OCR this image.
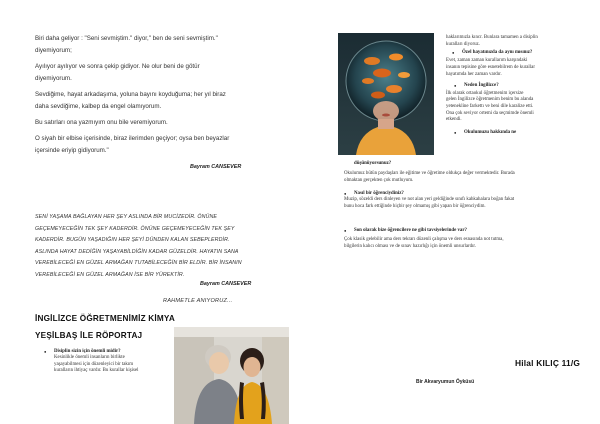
Biri daha geliyor : "Seni sevmiştim." diyor," ben de seni sevmiştim."
diyemiyorum;
Ayılıyor ayılıyor ve sonra çekip gidiyor. Ne olur beni de götür
diyemiyorum.
Sevdiğime, hayat arkadaşıma, yoluna bayını koyduğuma; her yıl biraz
daha sevdiğime, kalbep da engel olamıyorum.
Bu satırları ona yazmıyım onu bile veremiyorum.
O siyah bir elbise içerisinde, biraz ilerimden geçiyor; oysa ben beyazlar
içersinde eriyip gidiyorum."
Bayram CANSEVER
SENİ YAŞAMA BAĞLAYAN HER ŞEY ASLINDA BİR MUCİZEDİR. ÖNÜNE
GEÇEMEYECEĞİN TEK ŞEY KADERDİR. ÖNÜNE GEÇEMEYECEĞİN TEK ŞEY
KADERDİR. BUGÜN YAŞADIĞIN HER ŞEYİ DÜNDEN KALAN SEBEPLERDİR.
ASLINDA HAYAT DEDİĞİN YAŞAYABİLDİĞİN KADAR GÜZELDİR. HAYATIN SANA
VEREBİLECEĞİ EN GÜZEL ARMAĞAN TUTABİLECEĞİN BİR ELDİR. BİR İNSANIN
VEREBİLECEĞİ EN GÜZEL ARMAĞAN İSE BİR YÜREKTİR.
Bayram CANSEVER
RAHMETLE ANIYORUZ...
İNGİLİZCE ÖĞRETMENİMİZ KİMYA
YEŞİLBAŞ İLE RÖPORTAJ
● Disiplin sizin için önemli midir?
Kesinlikle önemli insanların birlikte
yaşayabilmesi için düzenleyici bir takım
kuralların ihtiyaç vardır. Bu kurallar kişisel
haklarımızla kıncr. Bunlara tamamen a disiplin
kuralları diyoruz.
● Özel hayatınızda da aynı mısınız?
Evet, zaman zaman kurallarım karşındaki
insanın tepisine göre esnetebilrem de kurallar
hayatımda her zaman vardır.
● Neden İngilizce?
İlk olarak ortaokul öğretmenim içersize
gelen İngilizce öğretmenim benim bu alanda
yetenekline farkettı ve beni dile karalize etti.
Ona çok seviyor ortemi da seçmimde önemli
etkendi.
● Okulumuzu hakkında ne
düşünüyorsunuz?
Okulumuz bütün paydaşları ile eğitime ve öğretime oldukça değer vermektedir. Burada
olmaktan gerçekten çok mutluyum.
● Nasıl bir öğrenciydiniz?
Muzip, sözeldi ders dinleyen ve not alan yeri geldiğinde sınıfı kahkahalara boğan fakat
bunu hoca fark ettiğinde hiçbir şey olmamış gibi yapan bir öğrenciydim.
● Son olarak bize öğrencilere ne gibi tavsiyelerinde var?
Çok klasik gelebilir ama ders tekrarı düzenli çalışma ve ders esnasında not tutma,
bilgilerin kalıcı olması ve de sınav hazırlığı için önemli unsurlardır.
Hilal KILIÇ 11/G
Bir Akvaryumun Öyküsü
